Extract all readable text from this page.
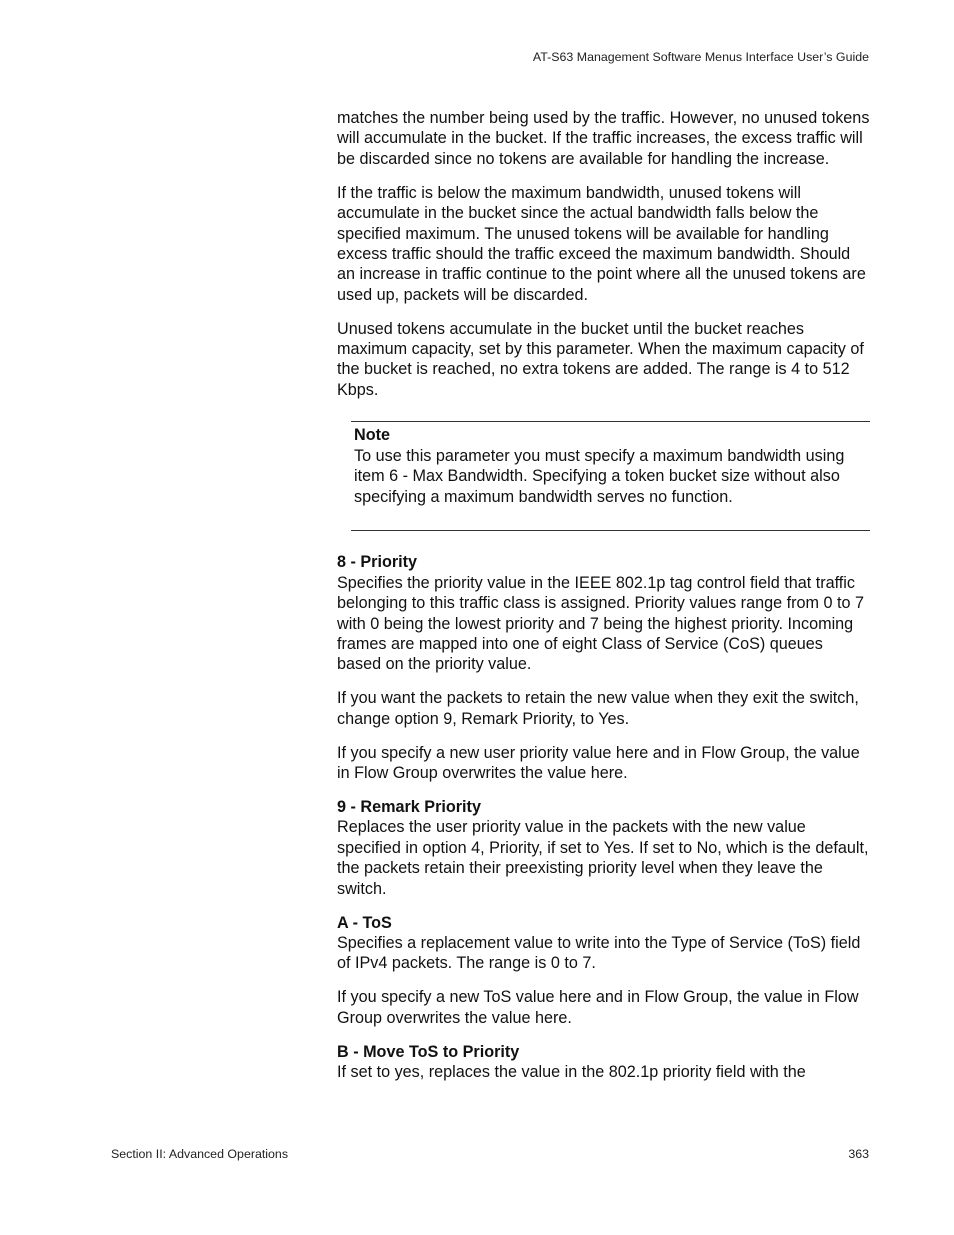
AT-S63 Management Software Menus Interface User’s Guide

matches the number being used by the traffic. However, no unused tokens will accumulate in the bucket. If the traffic increases, the excess traffic will be discarded since no tokens are available for handling the increase.

If the traffic is below the maximum bandwidth, unused tokens will accumulate in the bucket since the actual bandwidth falls below the specified maximum. The unused tokens will be available for handling excess traffic should the traffic exceed the maximum bandwidth. Should an increase in traffic continue to the point where all the unused tokens are used up, packets will be discarded.

Unused tokens accumulate in the bucket until the bucket reaches maximum capacity, set by this parameter. When the maximum capacity of the bucket is reached, no extra tokens are added. The range is 4 to 512 Kbps.

Note

To use this parameter you must specify a maximum bandwidth using item 6 - Max Bandwidth. Specifying a token bucket size without also specifying a maximum bandwidth serves no function.

8 - Priority

Specifies the priority value in the IEEE 802.1p tag control field that traffic belonging to this traffic class is assigned. Priority values range from 0 to 7 with 0 being the lowest priority and 7 being the highest priority. Incoming frames are mapped into one of eight Class of Service (CoS) queues based on the priority value.

If you want the packets to retain the new value when they exit the switch, change option 9, Remark Priority, to Yes.

If you specify a new user priority value here and in Flow Group, the value in Flow Group overwrites the value here.

9 - Remark Priority

Replaces the user priority value in the packets with the new value specified in option 4, Priority, if set to Yes. If set to No, which is the default, the packets retain their preexisting priority level when they leave the switch.

A - ToS

Specifies a replacement value to write into the Type of Service (ToS) field of IPv4 packets. The range is 0 to 7.

If you specify a new ToS value here and in Flow Group, the value in Flow Group overwrites the value here.

B - Move ToS to Priority

If set to yes, replaces the value in the 802.1p priority field with the

Section II: Advanced Operations	363
